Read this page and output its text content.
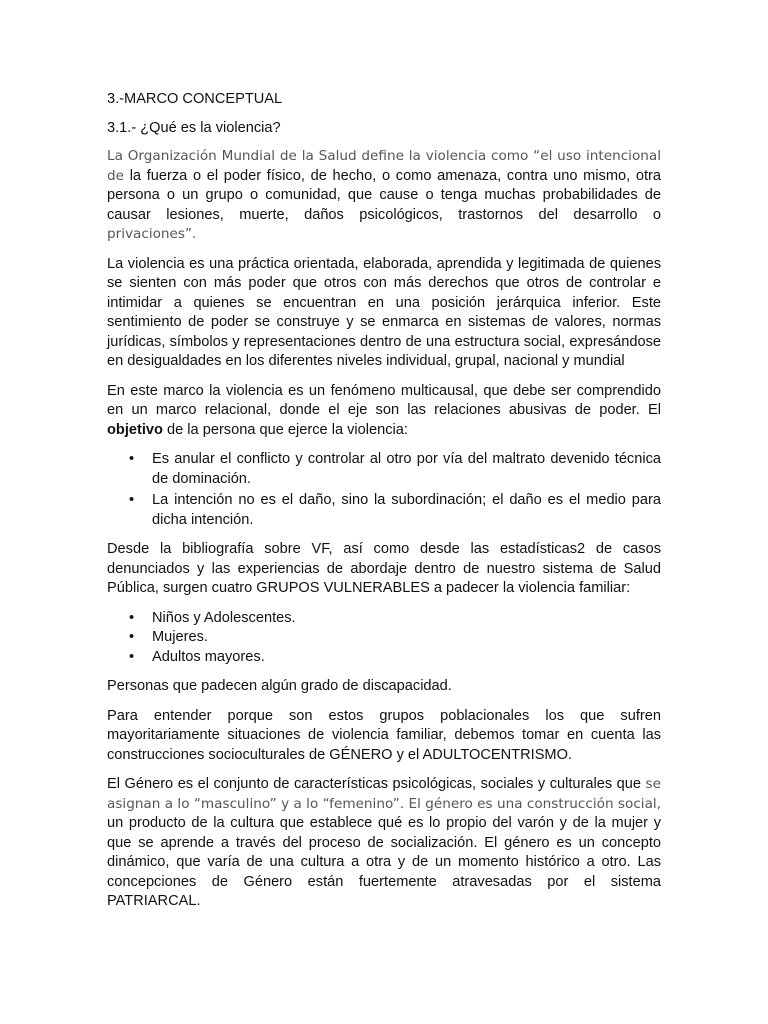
3.-MARCO CONCEPTUAL
3.1.- ¿Qué es la violencia?
La Organización Mundial de la Salud define la violencia como “el uso intencional de la fuerza o el poder físico, de hecho, o como amenaza, contra uno mismo, otra persona o un grupo o comunidad, que cause o tenga muchas probabilidades de causar lesiones, muerte, daños psicológicos, trastornos del desarrollo o privaciones”.
La violencia es una práctica orientada, elaborada, aprendida y legitimada de quienes se sienten con más poder que otros con más derechos que otros de controlar e intimidar a quienes se encuentran en una posición jerárquica inferior. Este sentimiento de poder se construye y se enmarca en sistemas de valores, normas jurídicas, símbolos y representaciones dentro de una estructura social, expresándose en desigualdades en los diferentes niveles individual, grupal, nacional y mundial
En este marco la violencia es un fenómeno multicausal, que debe ser comprendido en un marco relacional, donde el eje son las relaciones abusivas de poder. El objetivo de la persona que ejerce la violencia:
• Es anular el conflicto y controlar al otro por vía del maltrato devenido técnica de dominación.
• La intención no es el daño, sino la subordinación; el daño es el medio para dicha intención.
Desde la bibliografía sobre VF, así como desde las estadísticas2 de casos denunciados y las experiencias de abordaje dentro de nuestro sistema de Salud Pública, surgen cuatro GRUPOS VULNERABLES a padecer la violencia familiar:
• Niños y Adolescentes.
• Mujeres.
• Adultos mayores.
Personas que padecen algún grado de discapacidad.
Para entender porque son estos grupos poblacionales los que sufren mayoritariamente situaciones de violencia familiar, debemos tomar en cuenta las construcciones socioculturales de GÉNERO y el ADULTOCENTRISMO.
El Género es el conjunto de características psicológicas, sociales y culturales que se asignan a lo “masculino” y a lo “femenino”. El género es una construcción social, un producto de la cultura que establece qué es lo propio del varón y de la mujer y que se aprende a través del proceso de socialización. El género es un concepto dinámico, que varía de una cultura a otra y de un momento histórico a otro. Las concepciones de Género están fuertemente atravesadas por el sistema PATRIARCAL.
